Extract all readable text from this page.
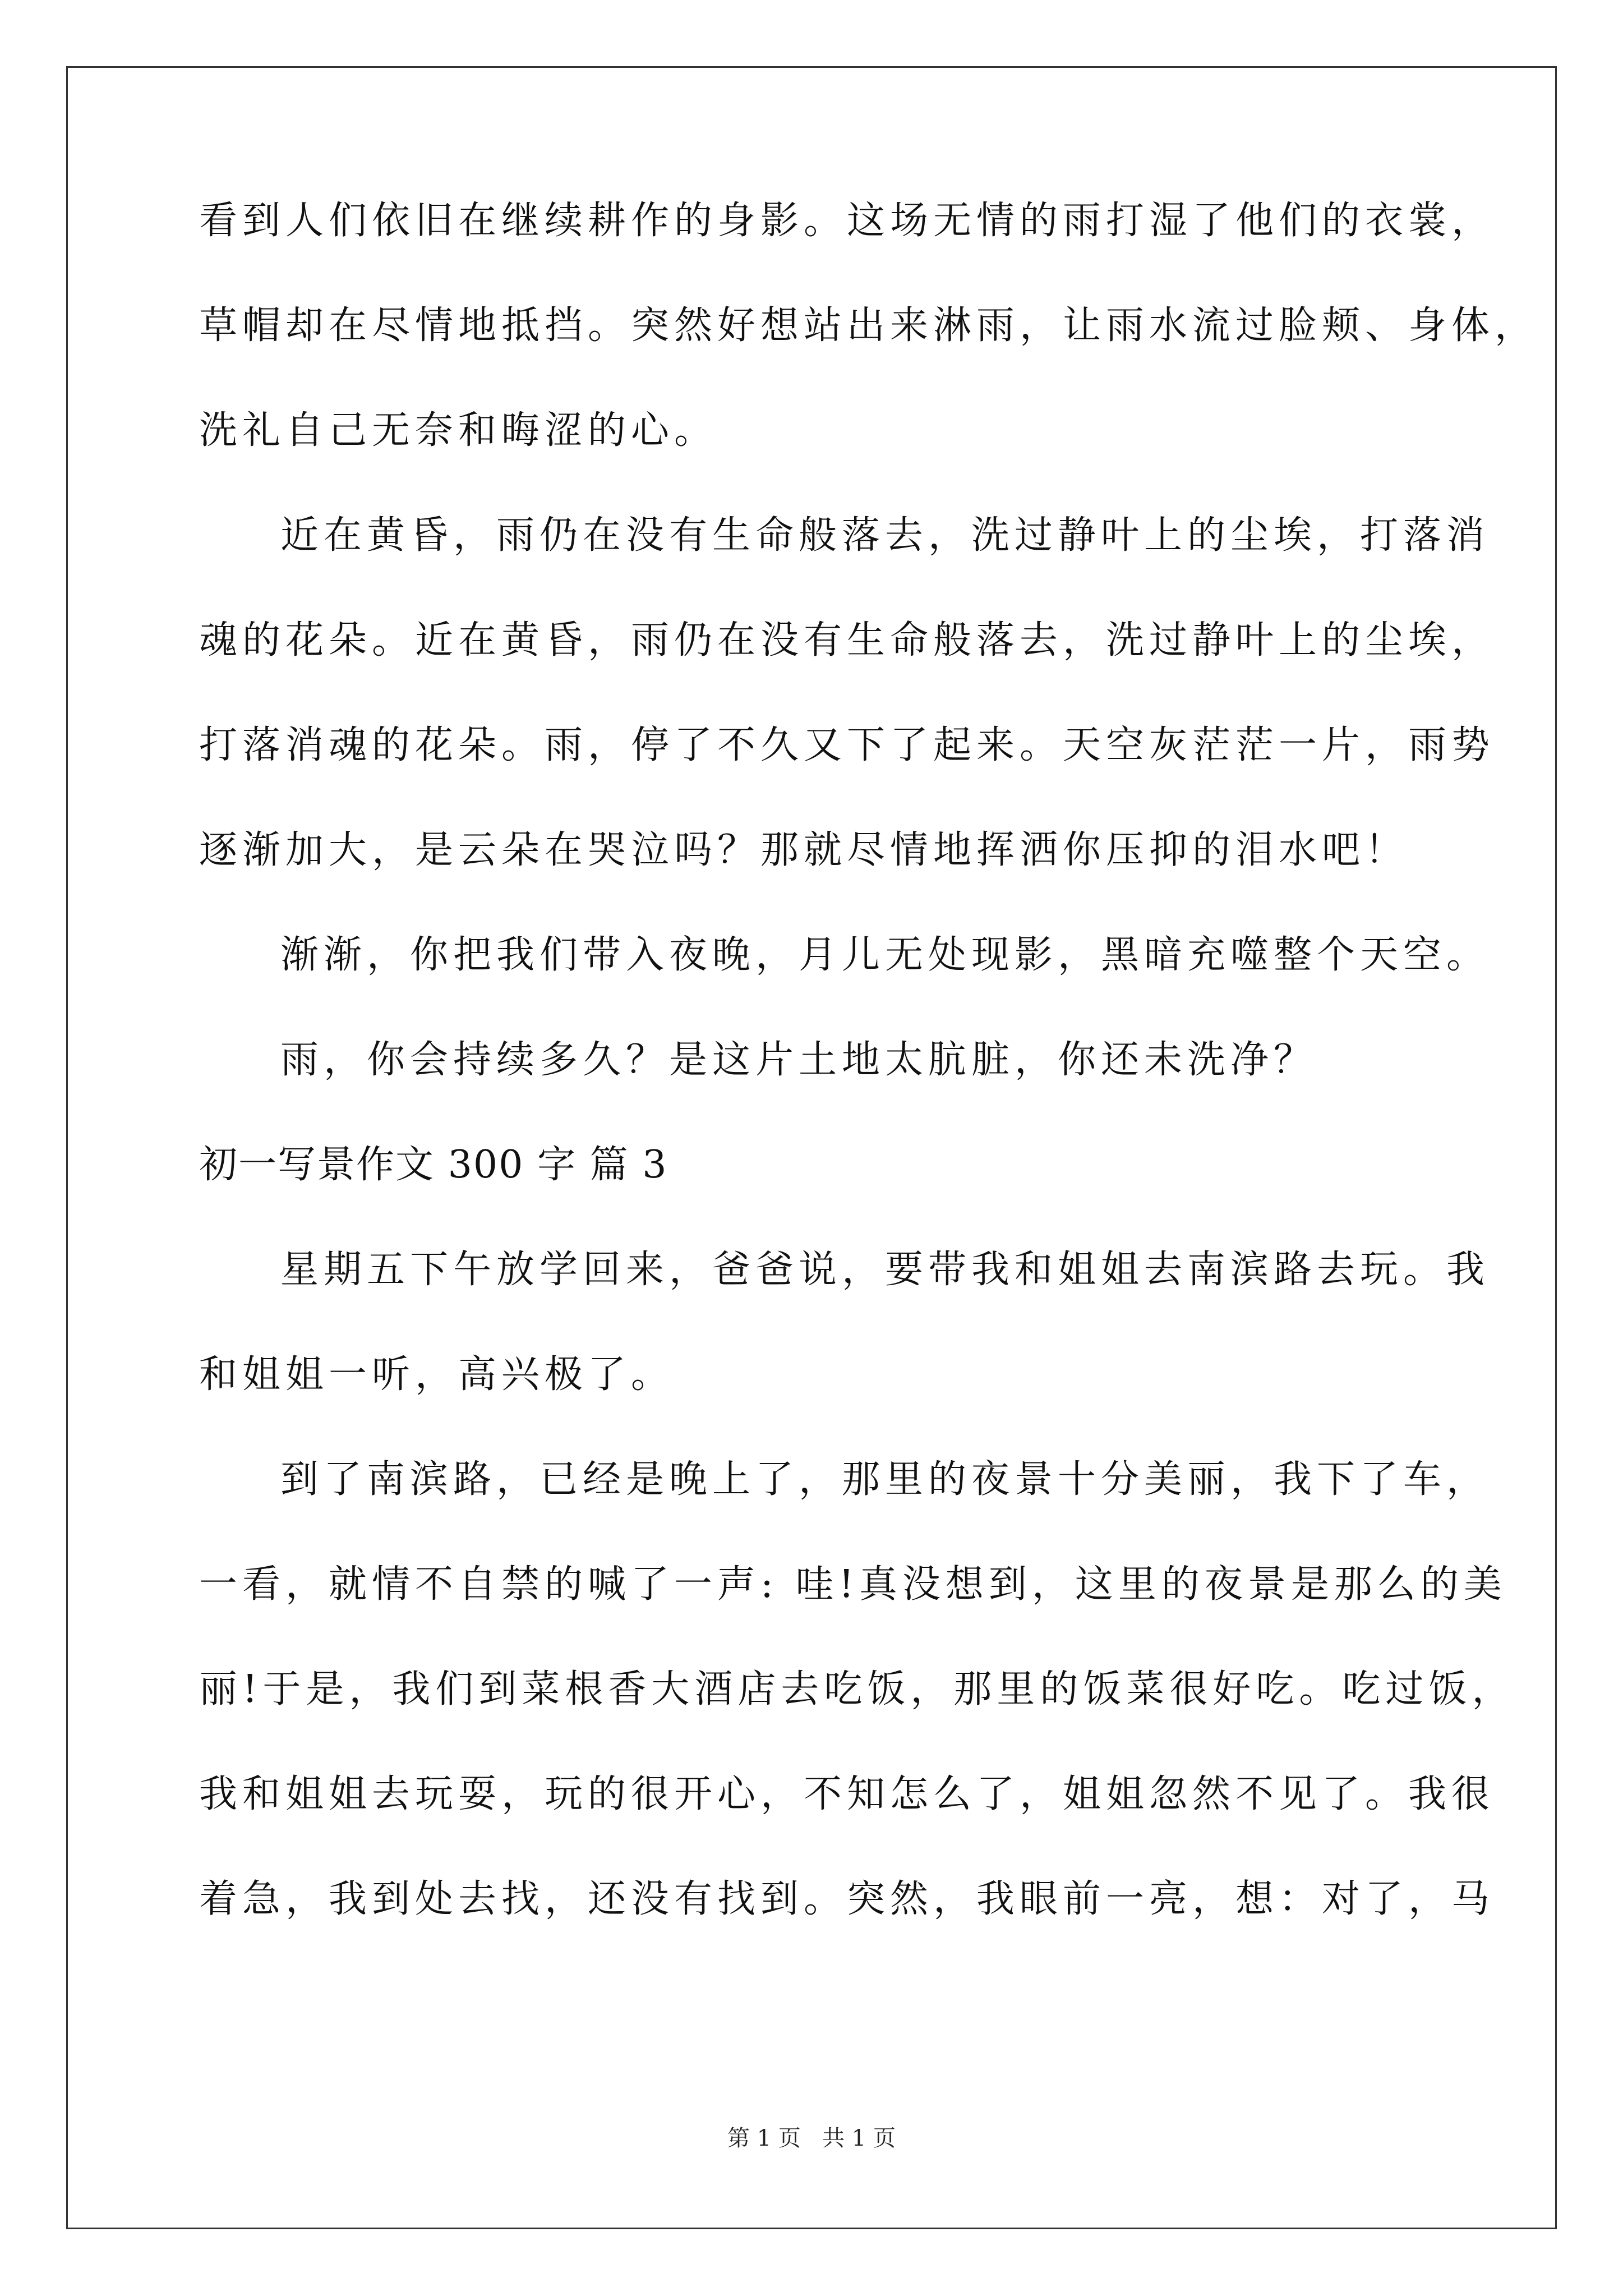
看到人们依旧在继续耕作的身影。这场无情的雨打湿了他们的衣裳，
草帽却在尽情地抵挡。突然好想站出来淋雨，让雨水流过脸颊、身体，
洗礼自己无奈和晦涩的心。
近在黄昏，雨仍在没有生命般落去，洗过静叶上的尘埃，打落消
魂的花朵。近在黄昏，雨仍在没有生命般落去，洗过静叶上的尘埃，
打落消魂的花朵。雨，停了不久又下了起来。天空灰茫茫一片，雨势
逐渐加大，是云朵在哭泣吗？那就尽情地挥洒你压抑的泪水吧！
渐渐，你把我们带入夜晚，月儿无处现影，黑暗充噬整个天空。
雨，你会持续多久？是这片土地太肮脏，你还未洗净？
初一写景作文 300 字 篇 3
星期五下午放学回来，爸爸说，要带我和姐姐去南滨路去玩。我
和姐姐一听，高兴极了。
到了南滨路，已经是晚上了，那里的夜景十分美丽，我下了车，
一看，就情不自禁的喊了一声: 哇!真没想到，这里的夜景是那么的美
丽!于是，我们到菜根香大酒店去吃饭，那里的饭菜很好吃。吃过饭，
我和姐姐去玩耍，玩的很开心，不知怎么了，姐姐忽然不见了。我很
着急，我到处去找，还没有找到。突然，我眼前一亮，想：对了，马
第 1 页   共 1 页
